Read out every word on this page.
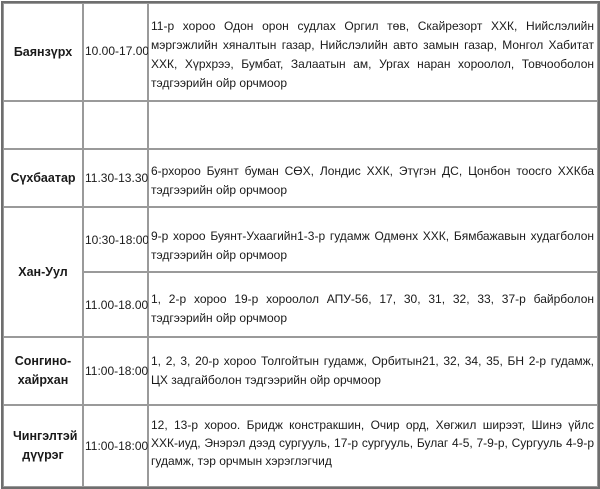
Баянзүрх 10.00-17.00
11-р хороо Одон орон судлах Оргил төв, Скайрезорт ХХК, Нийслэлийн мэргэжлийн хяналтын газар, Нийслэлийн авто замын газар, Монгол Хабитат ХХК, Хүрхрээ, Бумбат, Залаатын ам, Ургах наран хороолол, Товчооболон тэдгээрийн ойр орчмоор
Сүхбаатар 11.30-13.30 6-рхороо Буянт буман СӨХ, Лондис ХХК, Этүгэн ДС, Цонбон тоосго ХХКба тэдгээрийн ойр орчмоор
Хан-Уул
10:30-18:00 9-р хороо Буянт-Ухаагийн1-3-р гудамж Одмөнх ХХК, Бямбажавын худагболон тэдгээрийн ойр орчмоор
11.00-18.00 1, 2-р хороо 19-р хороолол АПУ-56, 17, 30, 31, 32, 33, 37-р байрболон тэдгээрийн ойр орчмоор
Сонгино-хайрхан
11:00-18:00
1, 2, 3, 20-р хороо Толгойтын гудамж, Орбитын21, 32, 34, 35, БН 2-р гудамж, ЦХ задгайболон тэдгээрийн ойр орчмоор
Чингэлтэй дүүрэг
11:00-18:00
12, 13-р хороо. Бридж констракшин, Очир орд, Хөгжил ширээт, Шинэ үйлс ХХК-иуд, Энэрэл дээд сургууль, 17-р сургууль, Булаг 4-5, 7-9-р, Сургууль 4-9-р гудамж, тэр орчмын хэрэглэгчид
